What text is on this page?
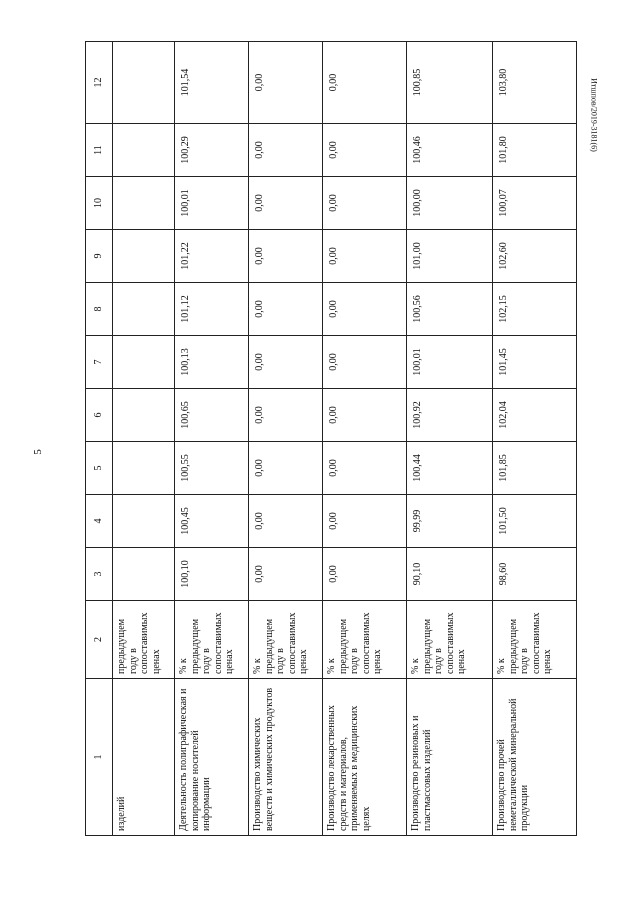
5
Итшпов/2019-3181(6)
1	2	3	4	5	6	7	8	9	10	11	12
изделий	предыдущем году в сопоставимых ценах										
Деятельность полиграфическая и копирование носителей информации	% к предыдущем году в сопоставимых ценах	100,10	100,45	100,55	100,65	100,13	101,12	101,22	100,01	100,29	101,54
Производство химических веществ и химических продуктов	% к предыдущем году в сопоставимых ценах	0,00	0,00	0,00	0,00	0,00	0,00	0,00	0,00	0,00	0,00
Производство лекарственных средств и материалов, применяемых в медицинских целях	% к предыдущем году в сопоставимых ценах	0,00	0,00	0,00	0,00	0,00	0,00	0,00	0,00	0,00	0,00
Производство резиновых и пластмассовых изделий	% к предыдущем году в сопоставимых ценах	90,10	99,99	100,44	100,92	100,01	100,56	101,00	100,00	100,46	100,85
Производство прочей неметаллической минеральной продукции	% к предыдущем году в сопоставимых ценах	98,60	101,50	101,85	102,04	101,45	102,15	102,60	100,07	101,80	103,80
